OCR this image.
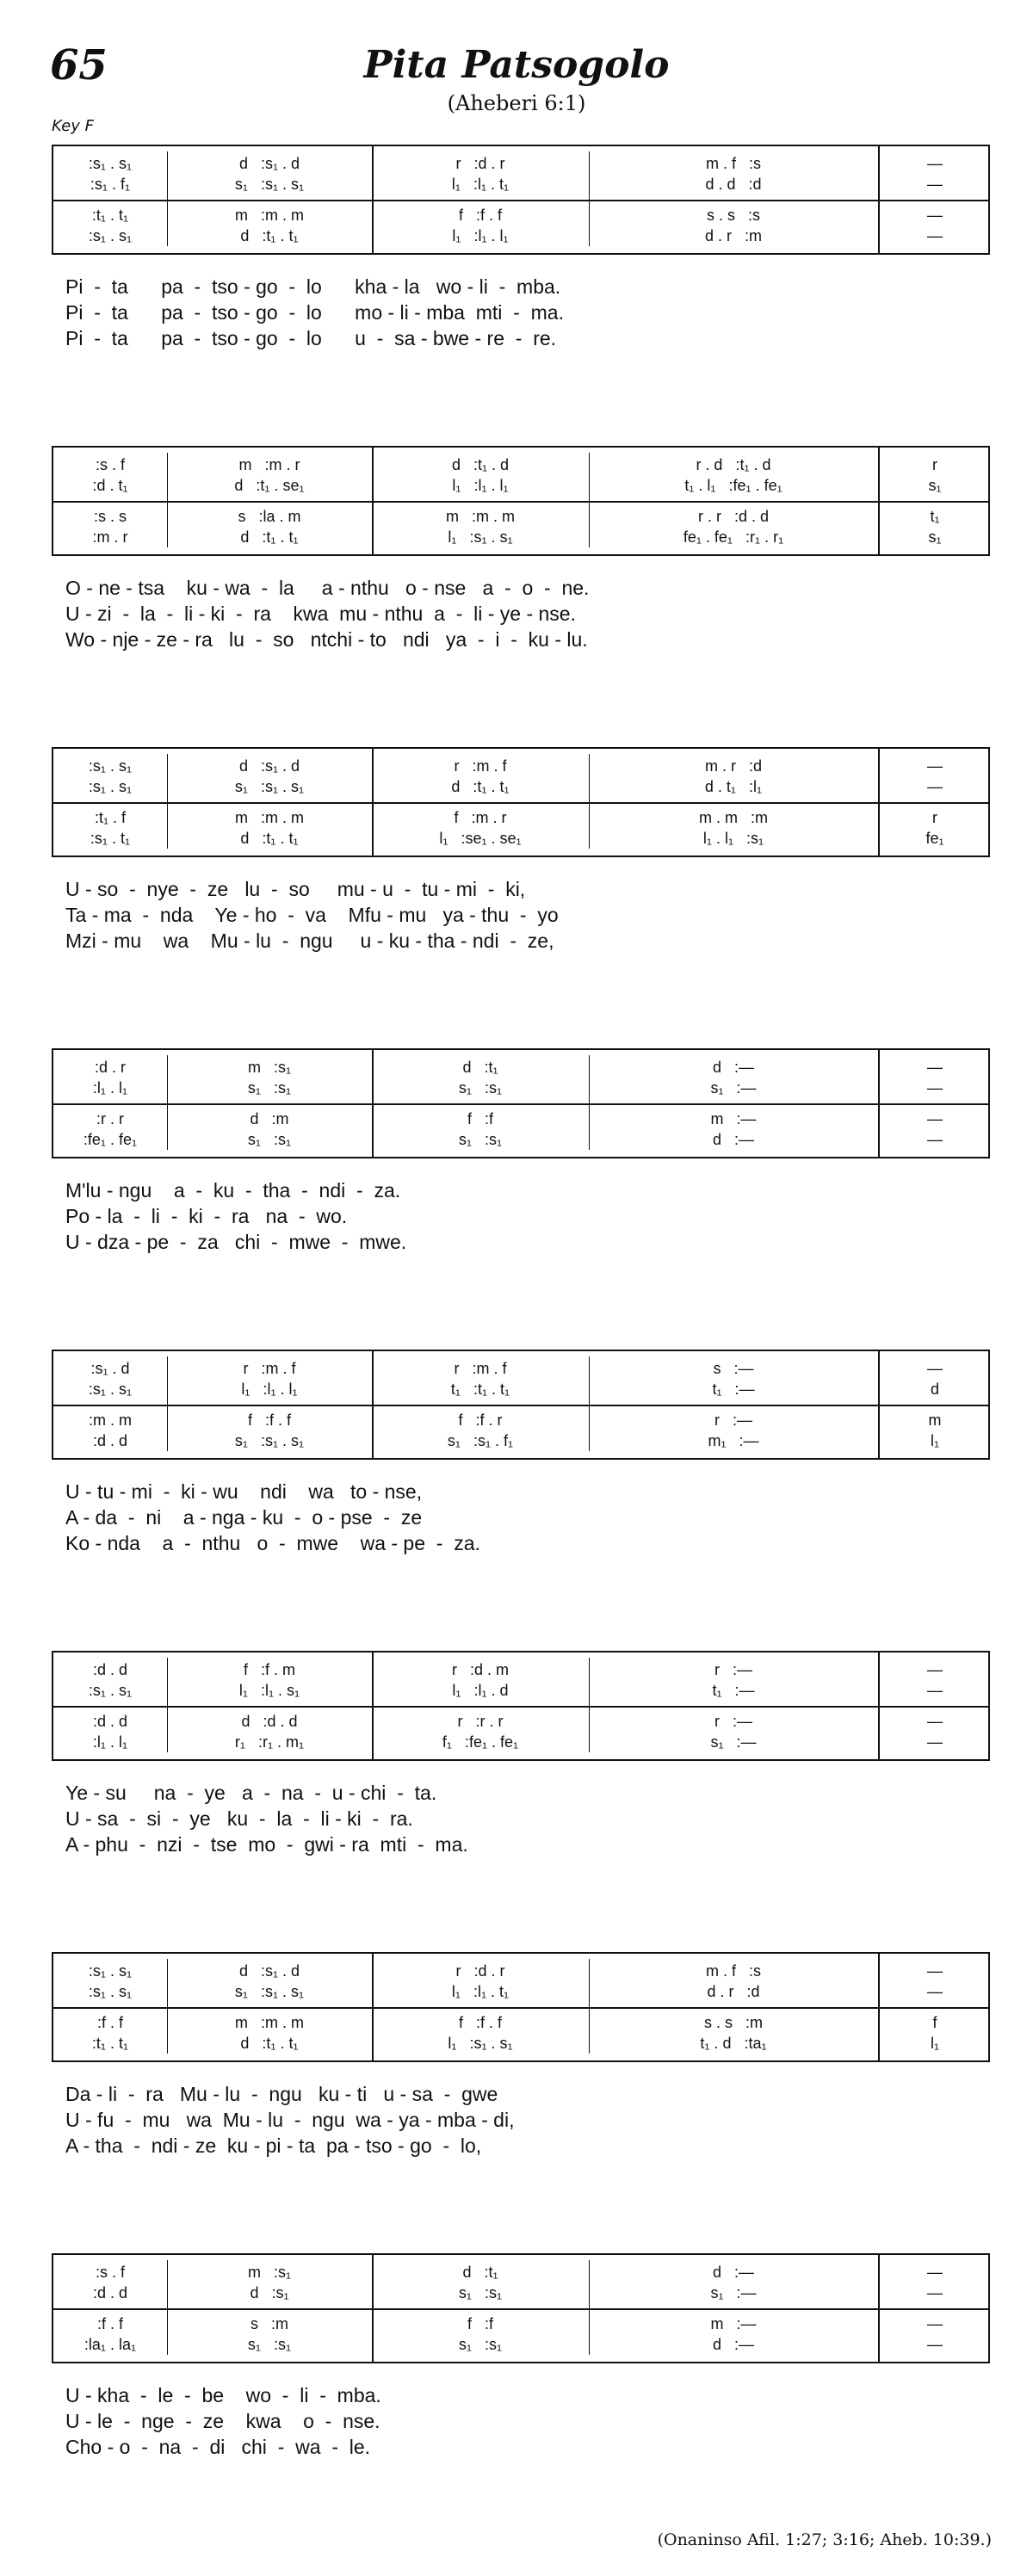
65	Pita Patsogolo
(Aheberi 6:1)
Key F
:s₁ . s₁	d   :s₁ . d	r   :d . r	m . f   :s	—
:s₁ . f₁	s₁   :s₁ . s₁	l₁   :l₁ . t₁	d . d   :d	—
:t₁ . t₁	m   :m . m	f   :f . f	s . s   :s	—
:s₁ . s₁	d   :t₁ . t₁	l₁   :l₁ . l₁	d . r   :m	—
Pi  -  ta      pa  -  tso - go  -  lo      kha - la   wo - li  -  mba.
Pi  -  ta      pa  -  tso - go  -  lo      mo - li - mba  mti  -  ma.
Pi  -  ta      pa  -  tso - go  -  lo      u  -  sa - bwe - re  -  re.
:s . f	m   :m . r	d   :t₁ . d	r . d   :t₁ . d	r
:d . t₁	d   :t₁ . se₁	l₁   :l₁ . l₁	t₁ . l₁   :fe₁ . fe₁	s₁
:s . s	s   :la . m	m   :m . m	r . r   :d . d	t₁
:m . r	d   :t₁ . t₁	l₁   :s₁ . s₁	fe₁ . fe₁   :r₁ . r₁	s₁
O - ne - tsa    ku - wa  -  la     a - nthu   o - nse   a  -  o  -  ne.
U - zi  -  la  -  li - ki  -  ra    kwa  mu - nthu  a  -  li - ye - nse.
Wo - nje - ze - ra   lu  -  so   ntchi - to   ndi   ya  -  i  -  ku - lu.
:s₁ . s₁	d   :s₁ . d	r   :m . f	m . r   :d	—
:s₁ . s₁	s₁   :s₁ . s₁	d   :t₁ . t₁	d . t₁   :l₁	—
:t₁ . f	m   :m . m	f   :m . r	m . m   :m	r
:s₁ . t₁	d   :t₁ . t₁	l₁   :se₁ . se₁	l₁ . l₁   :s₁	fe₁
U - so  -  nye  -  ze   lu  -  so     mu - u  -  tu - mi  -  ki,
Ta - ma  -  nda    Ye - ho  -  va    Mfu - mu   ya - thu  -  yo
Mzi - mu    wa    Mu - lu  -  ngu     u - ku - tha - ndi  -  ze,
:d . r	m   :s₁	d   :t₁	d   :—	—
:l₁ . l₁	s₁   :s₁	s₁   :s₁	s₁   :—	—
:r . r	d   :m	f   :f	m   :—	—
:fe₁ . fe₁	s₁   :s₁	s₁   :s₁	d   :—	—
M'lu - ngu    a  -  ku  -  tha  -  ndi  -  za.
Po - la  -  li  -  ki  -  ra   na  -  wo.
U - dza - pe  -  za   chi  -  mwe  -  mwe.
:s₁ . d	r   :m . f	r   :m . f	s   :—	—
:s₁ . s₁	l₁   :l₁ . l₁	t₁   :t₁ . t₁	t₁   :—	d
:m . m	f   :f . f	f   :f . r	r   :—	m
:d . d	s₁   :s₁ . s₁	s₁   :s₁ . f₁	m₁   :—	l₁
U - tu - mi  -  ki - wu    ndi    wa   to - nse,
A - da  -  ni    a - nga - ku  -  o - pse  -  ze
Ko - nda    a  -  nthu   o  -  mwe    wa - pe  -  za.
:d . d	f   :f . m	r   :d . m	r   :—	—
:s₁ . s₁	l₁   :l₁ . s₁	l₁   :l₁ . d	t₁   :—	—
:d . d	d   :d . d	r   :r . r	r   :—	—
:l₁ . l₁	r₁   :r₁ . m₁	f₁   :fe₁ . fe₁	s₁   :—	—
Ye - su     na  -  ye   a  -  na  -  u - chi  -  ta.
U - sa  -  si  -  ye   ku  -  la  -  li - ki  -  ra.
A - phu  -  nzi  -  tse  mo  -  gwi - ra  mti  -  ma.
:s₁ . s₁	d   :s₁ . d	r   :d . r	m . f   :s	—
:s₁ . s₁	s₁   :s₁ . s₁	l₁   :l₁ . t₁	d . r   :d	—
:f . f	m   :m . m	f   :f . f	s . s   :m	f
:t₁ . t₁	d   :t₁ . t₁	l₁   :s₁ . s₁	t₁ . d   :ta₁	l₁
Da - li  -  ra   Mu - lu  -  ngu   ku - ti   u - sa  -  gwe
U - fu  -  mu   wa  Mu - lu  -  ngu  wa - ya - mba - di,
A - tha  -  ndi - ze  ku - pi - ta  pa - tso - go  -  lo,
:s . f	m   :s₁	d   :t₁	d   :—	—
:d . d	d   :s₁	s₁   :s₁	s₁   :—	—
:f . f	s   :m	f   :f	m   :—	—
:la₁ . la₁	s₁   :s₁	s₁   :s₁	d   :—	—
U - kha  -  le  -  be    wo  -  li  -  mba.
U - le  -  nge  -  ze    kwa    o  -  nse.
Cho - o  -  na  -  di   chi  -  wa  -  le.
(Onaninso Afil. 1:27; 3:16; Aheb. 10:39.)
